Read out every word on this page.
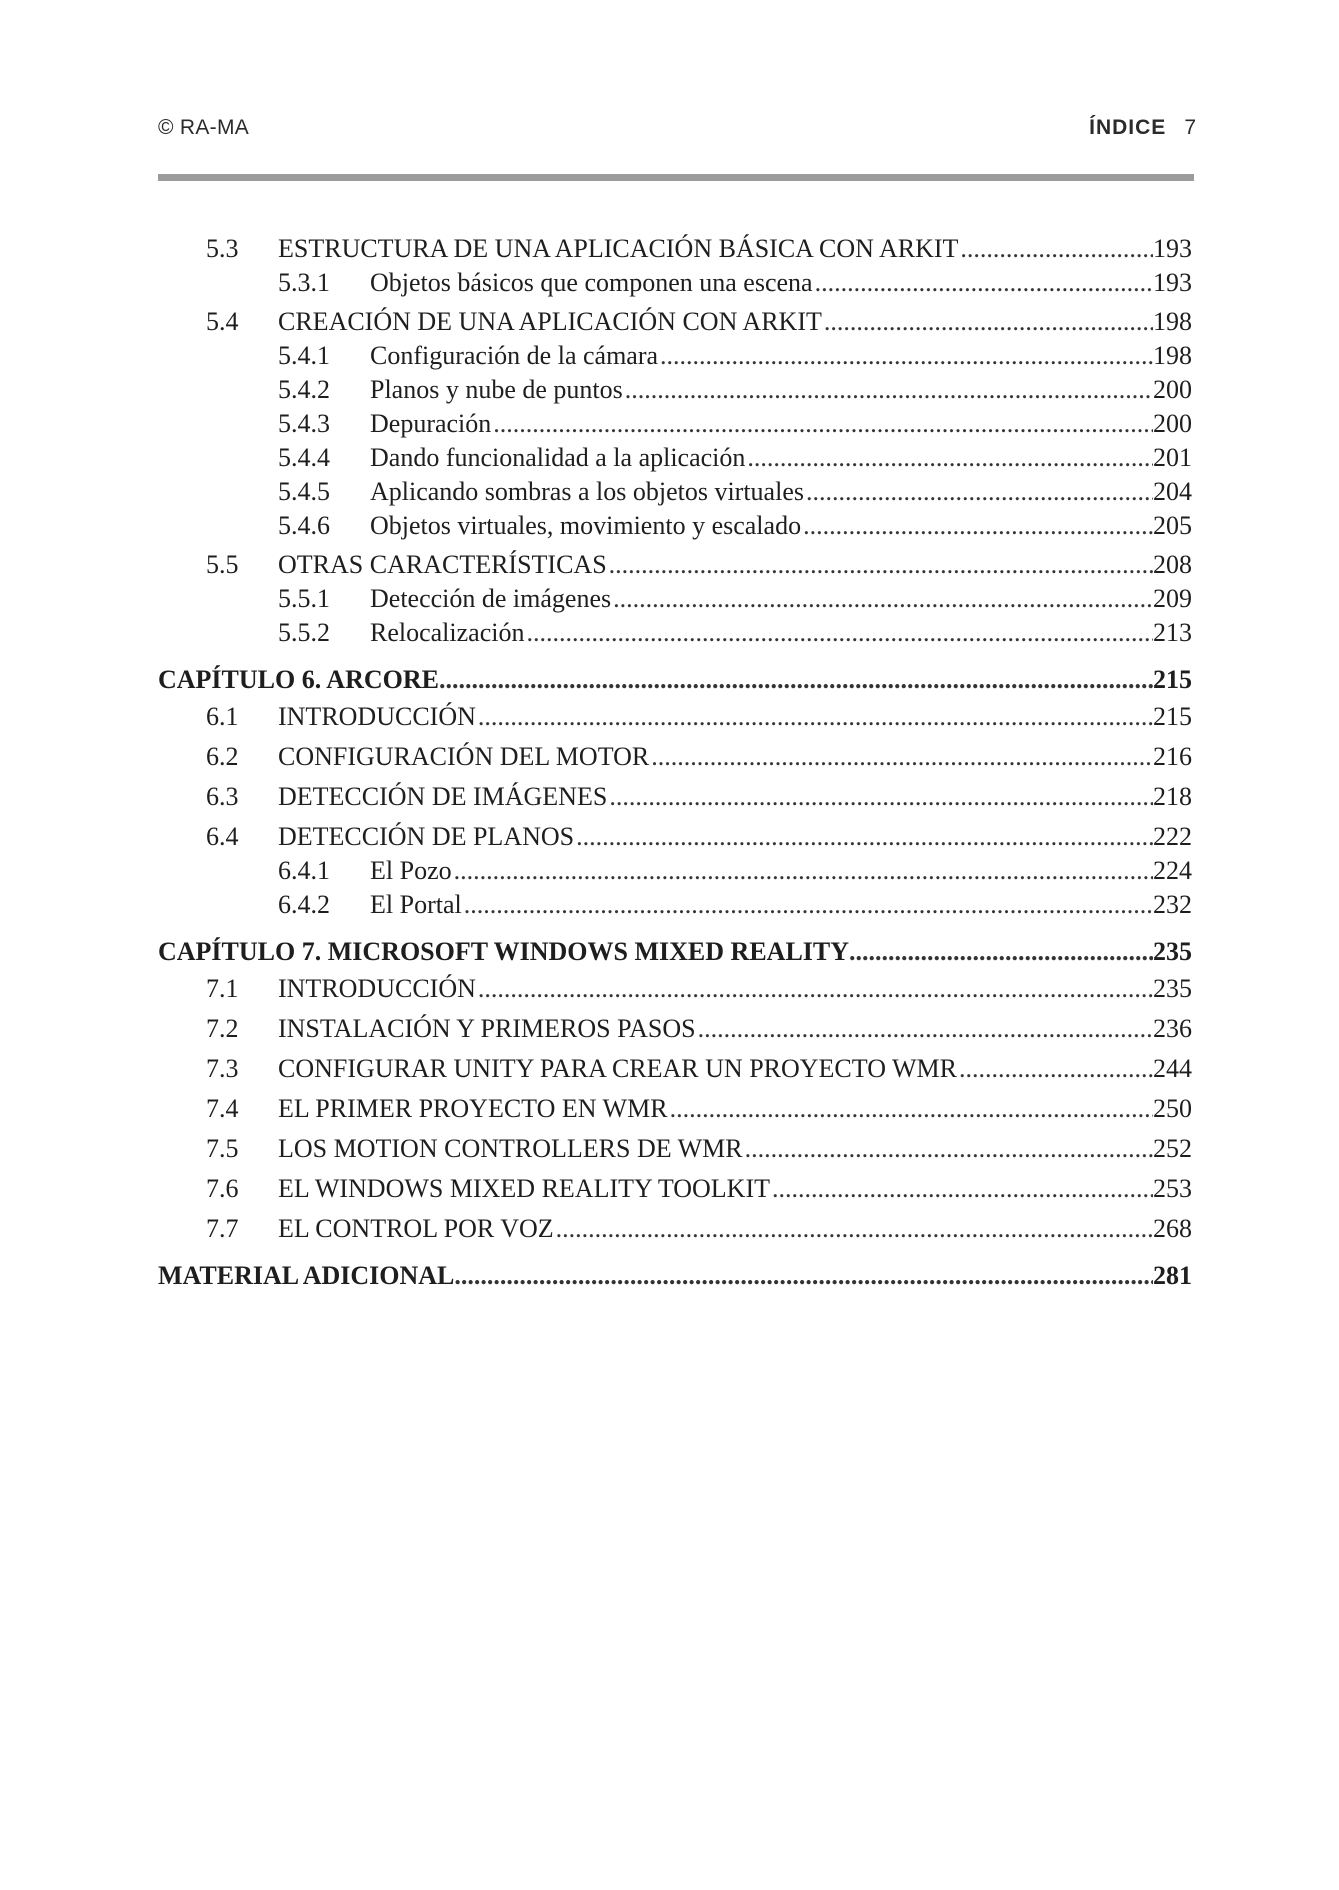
© RA-MA	ÍNDICE 7
5.3	ESTRUCTURA DE UNA APLICACIÓN BÁSICA CON ARKIT .....	193
5.3.1	Objetos básicos que componen una escena .....	193
5.4	CREACIÓN DE UNA APLICACIÓN CON ARKIT .....	198
5.4.1	Configuración de la cámara .....	198
5.4.2	Planos y nube de puntos .....	200
5.4.3	Depuración .....	200
5.4.4	Dando funcionalidad a la aplicación .....	201
5.4.5	Aplicando sombras a los objetos virtuales .....	204
5.4.6	Objetos virtuales, movimiento y escalado .....	205
5.5	OTRAS CARACTERÍSTICAS .....	208
5.5.1	Detección de imágenes .....	209
5.5.2	Relocalización .....	213
CAPÍTULO 6. ARCORE .....	215
6.1	INTRODUCCIÓN .....	215
6.2	CONFIGURACIÓN DEL MOTOR .....	216
6.3	DETECCIÓN DE IMÁGENES .....	218
6.4	DETECCIÓN DE PLANOS .....	222
6.4.1	El Pozo .....	224
6.4.2	El Portal .....	232
CAPÍTULO 7. MICROSOFT WINDOWS MIXED REALITY .....	235
7.1	INTRODUCCIÓN .....	235
7.2	INSTALACIÓN Y PRIMEROS PASOS .....	236
7.3	CONFIGURAR UNITY PARA CREAR UN PROYECTO WMR .....	244
7.4	EL PRIMER PROYECTO EN WMR .....	250
7.5	LOS MOTION CONTROLLERS DE WMR .....	252
7.6	EL WINDOWS MIXED REALITY TOOLKIT .....	253
7.7	EL CONTROL POR VOZ .....	268
MATERIAL ADICIONAL .....	281
